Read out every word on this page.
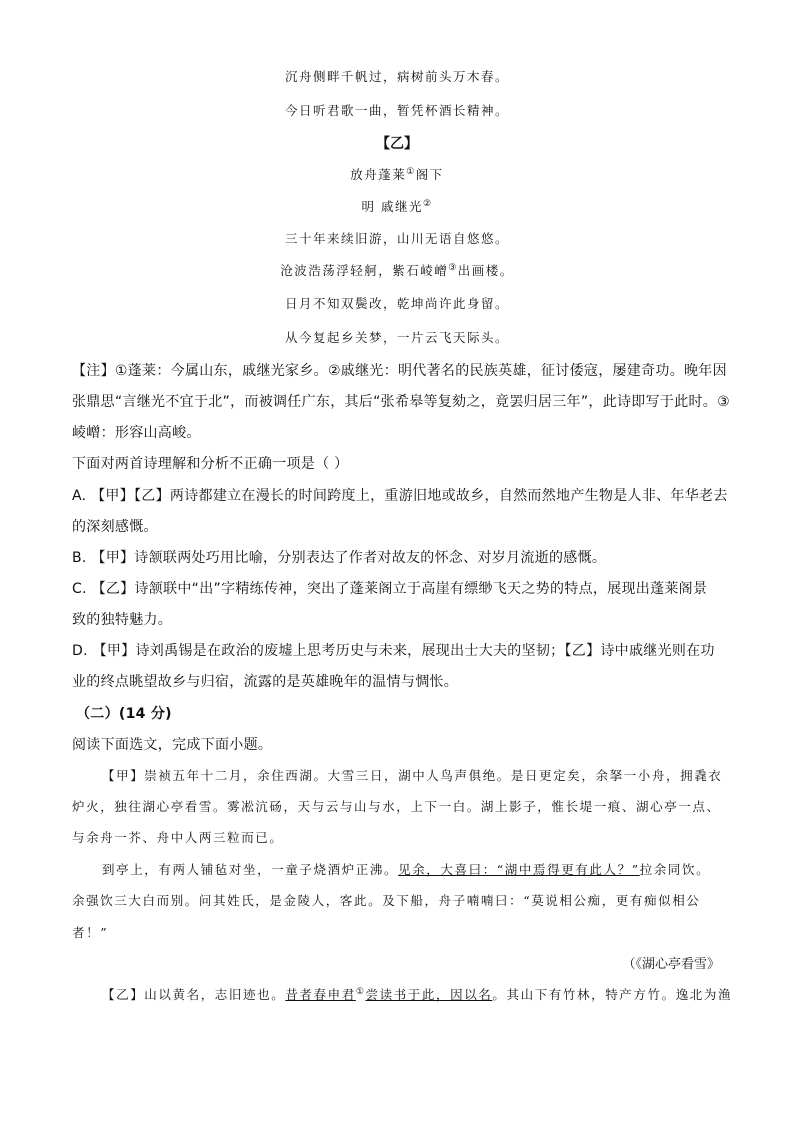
沉舟侧畔千帆过，病树前头万木春。
今日听君歌一曲，暂凭杯酒长精神。
【乙】
放舟蓬莱①阁下
明 戚继光②
三十年来续旧游，山川无语自悠悠。
沧波浩荡浮轻舸，紫石崚嶒③出画楼。
日月不知双鬓改，乾坤尚许此身留。
从今复起乡关梦，一片云飞天际头。
【注】①蓬莱：今属山东，戚继光家乡。②戚继光：明代著名的民族英雄，征讨倭寇，屡建奇功。晚年因
张鼎思“言继光不宜于北”，而被调任广东，其后“张希皋等复劾之，竟罢归居三年”，此诗即写于此时。③
崚嶒：形容山高峻。
下面对两首诗理解和分析不正确一项是（ ）
A. 【甲】【乙】两诗都建立在漫长的时间跨度上，重游旧地或故乡，自然而然地产生物是人非、年华老去
的深刻感慨。
B. 【甲】诗颔联两处巧用比喻，分别表达了作者对故友的怀念、对岁月流逝的感慨。
C. 【乙】诗颔联中“出”字精练传神，突出了蓬莱阁立于高崖有缥缈飞天之势的特点，展现出蓬莱阁景
致的独特魅力。
D. 【甲】诗刘禹锡是在政治的废墟上思考历史与未来，展现出士大夫的坚韧；【乙】诗中戚继光则在功
业的终点眺望故乡与归宿，流露的是英雄晚年的温情与惆怅。
（二）(14 分)
阅读下面选文，完成下面小题。
【甲】崇祯五年十二月，余住西湖。大雪三日，湖中人鸟声俱绝。是日更定矣，余拏一小舟，拥毳衣
炉火，独往湖心亭看雪。雾凇沆砀，天与云与山与水，上下一白。湖上影子，惟长堤一痕、湖心亭一点、
与余舟一芥、舟中人两三粒而已。
到亭上，有两人铺毡对坐，一童子烧酒炉正沸。见余，大喜曰：“湖中焉得更有此人？”拉余同饮。
余强饮三大白而别。问其姓氏，是金陵人，客此。及下船，舟子喃喃曰：“莫说相公痴，更有痴似相公
者！”
（《湖心亭看雪》
【乙】山以黄名，志旧迹也。昔者春申君①尝读书于此，因以名。其山下有竹林，特产方竹。逸北为渔
